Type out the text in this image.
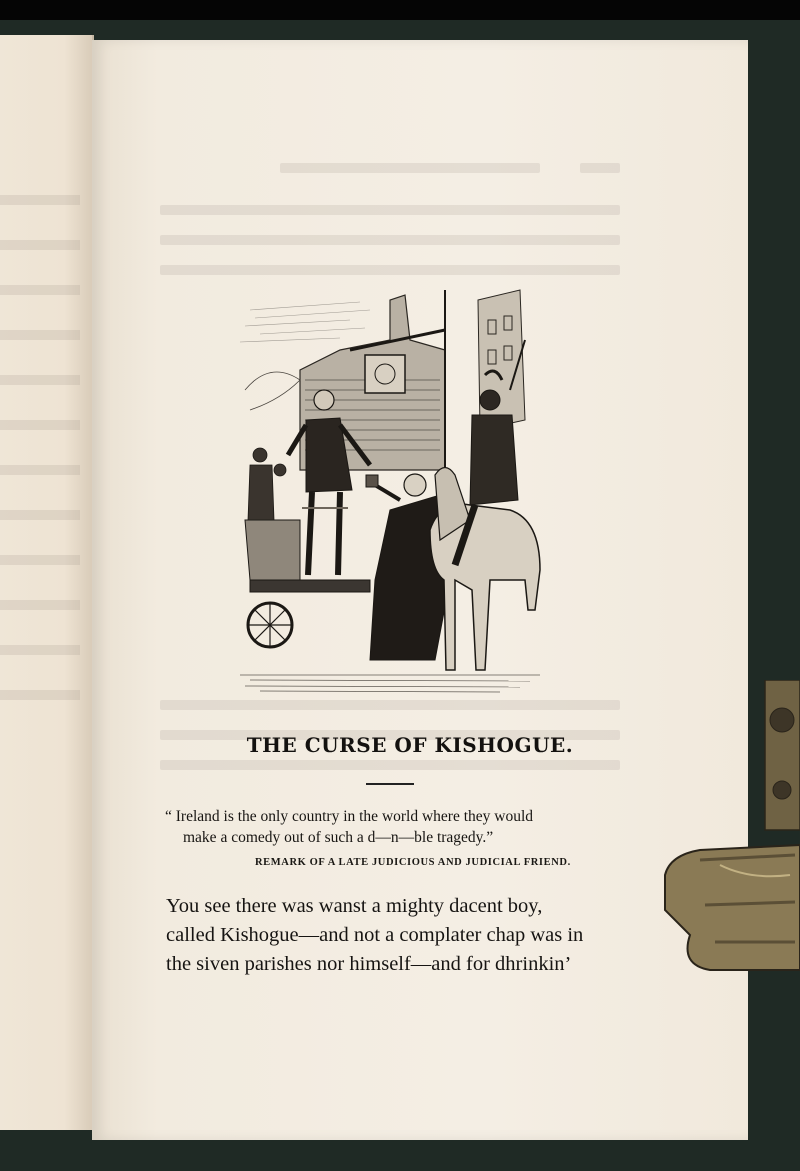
THE CURSE OF KISHOGUE.
“ Ireland is the only country in the world where they would
make a comedy out of such a d—n—ble tragedy.”
REMARK OF A LATE JUDICIOUS AND JUDICIAL FRIEND.
You see there was wanst a mighty dacent boy,
called Kishogue—and not a complater chap was in
the siven parishes nor himself—and for dhrinkin’
